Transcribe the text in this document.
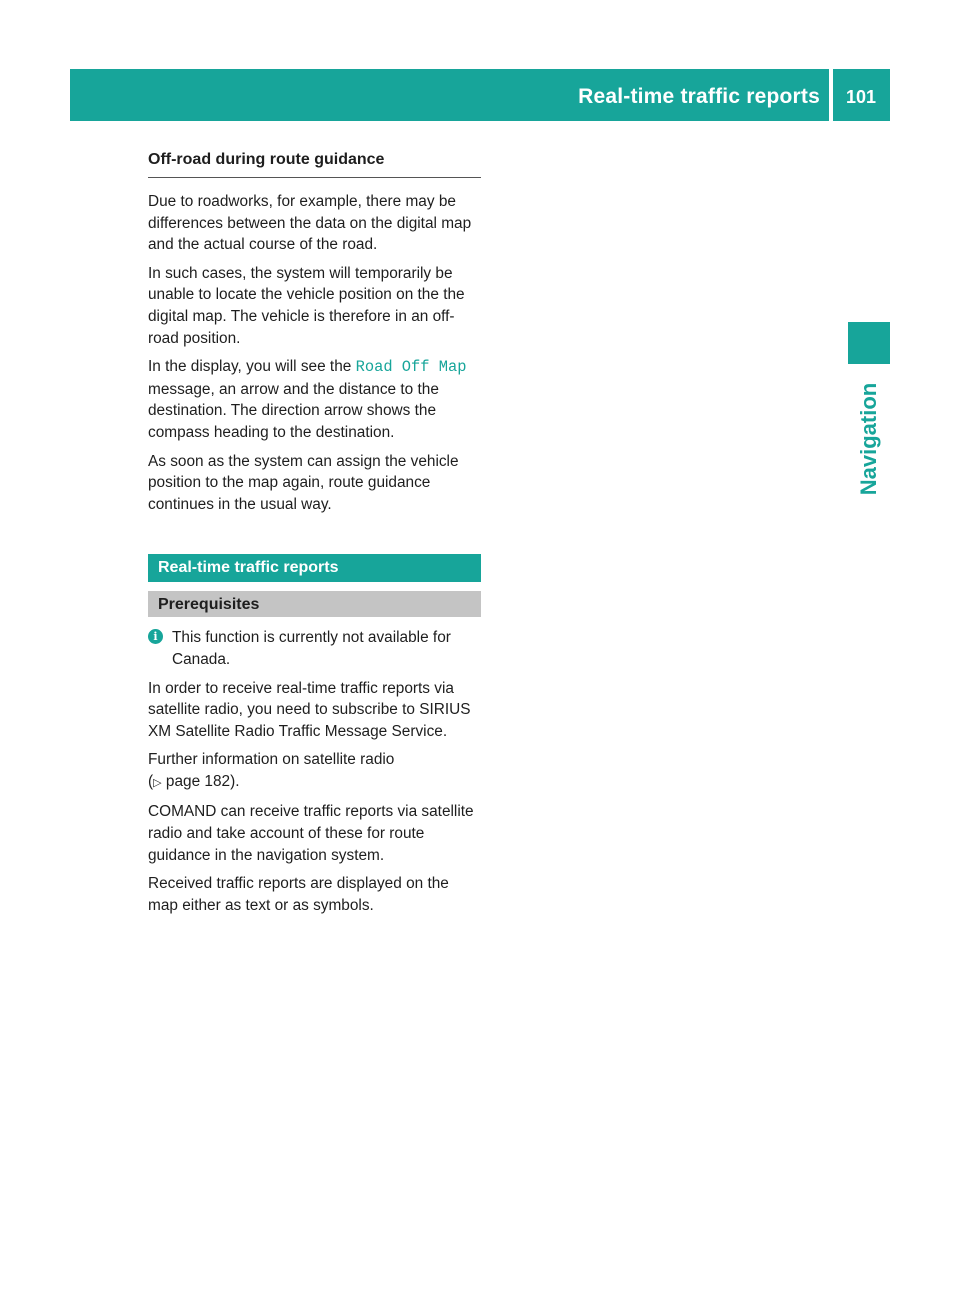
Real-time traffic reports	101
Navigation
Off-road during route guidance

Due to roadworks, for example, there may be differences between the data on the digital map and the actual course of the road.

In such cases, the system will temporarily be unable to locate the vehicle position on the the digital map. The vehicle is therefore in an off-road position.

In the display, you will see the Road Off Map message, an arrow and the distance to the destination. The direction arrow shows the compass heading to the destination.

As soon as the system can assign the vehicle position to the map again, route guidance continues in the usual way.

Real-time traffic reports
Prerequisites
i This function is currently not available for Canada.

In order to receive real-time traffic reports via satellite radio, you need to subscribe to SIRIUS XM Satellite Radio Traffic Message Service.

Further information on satellite radio
(▷ page 182).

COMAND can receive traffic reports via satellite radio and take account of these for route guidance in the navigation system.

Received traffic reports are displayed on the map either as text or as symbols.
